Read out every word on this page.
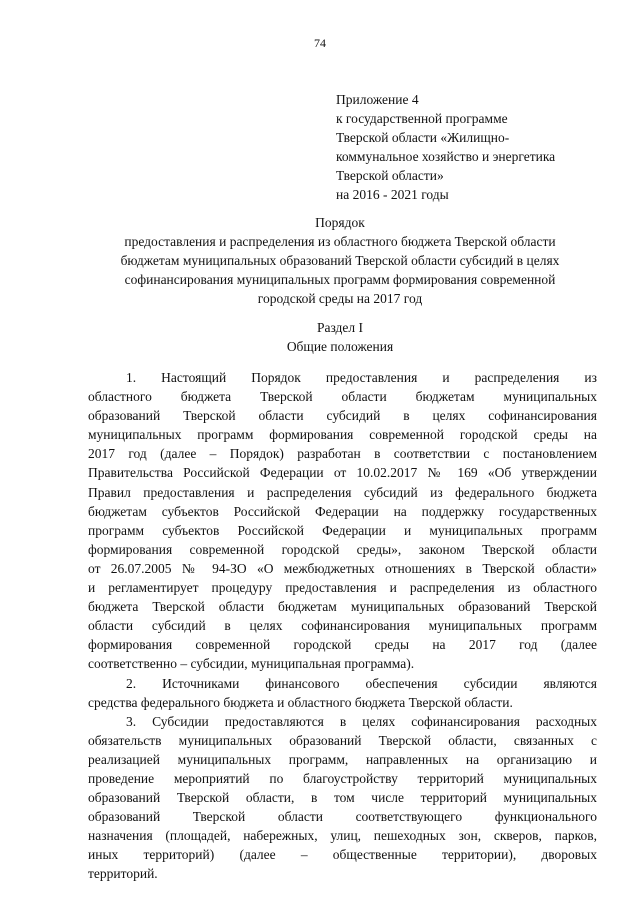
74
Приложение 4
к государственной программе
Тверской области «Жилищно-
коммунальное хозяйство и энергетика
Тверской области»
на 2016 - 2021 годы
Порядок
предоставления и распределения из областного бюджета Тверской области
бюджетам муниципальных образований Тверской области субсидий в целях
софинансирования муниципальных программ формирования современной
городской среды на 2017 год
Раздел I
Общие положения
1. Настоящий Порядок предоставления и распределения из
областного бюджета Тверской области бюджетам муниципальных
образований Тверской области субсидий в целях софинансирования
муниципальных программ формирования современной городской среды на
2017 год (далее – Порядок) разработан в соответствии с постановлением
Правительства Российской Федерации от 10.02.2017 № 169 «Об утверждении
Правил предоставления и распределения субсидий из федерального бюджета
бюджетам субъектов Российской Федерации на поддержку государственных
программ субъектов Российской Федерации и муниципальных программ
формирования современной городской среды», законом Тверской области
от 26.07.2005 № 94-ЗО «О межбюджетных отношениях в Тверской области»
и регламентирует процедуру предоставления и распределения из областного
бюджета Тверской области бюджетам муниципальных образований Тверской
области субсидий в целях софинансирования муниципальных программ
формирования современной городской среды на 2017 год (далее
соответственно – субсидии, муниципальная программа).
2. Источниками финансового обеспечения субсидии являются
средства федерального бюджета и областного бюджета Тверской области.
3. Субсидии предоставляются в целях софинансирования расходных
обязательств муниципальных образований Тверской области, связанных с
реализацией муниципальных программ, направленных на организацию и
проведение мероприятий по благоустройству территорий муниципальных
образований Тверской области, в том числе территорий муниципальных
образований Тверской области соответствующего функционального
назначения (площадей, набережных, улиц, пешеходных зон, скверов, парков,
иных территорий) (далее – общественные территории), дворовых
территорий.
